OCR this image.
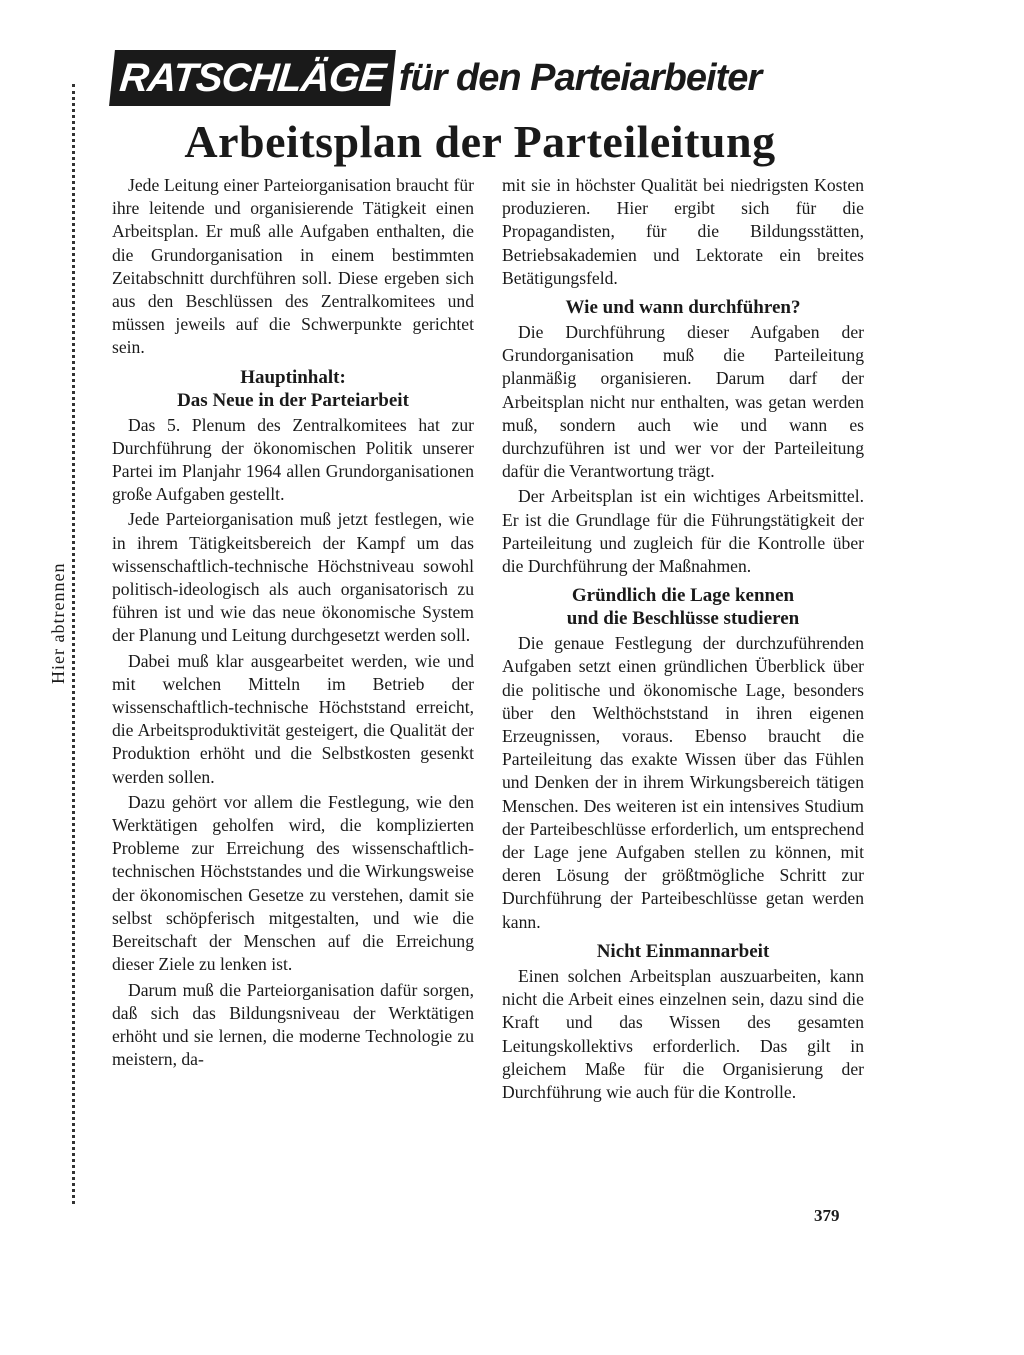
Hier abtrennen
RATSCHLÄGE für den Parteiarbeiter
Arbeitsplan der Parteileitung

Jede Leitung einer Parteiorganisation braucht für ihre leitende und organisierende Tätigkeit einen Arbeitsplan. Er muß alle Aufgaben enthalten, die die Grundorganisation in einem bestimmten Zeitabschnitt durchführen soll. Diese ergeben sich aus den Beschlüssen des Zentralkomitees und müssen jeweils auf die Schwerpunkte gerichtet sein.

Hauptinhalt:
Das Neue in der Parteiarbeit

Das 5. Plenum des Zentralkomitees hat zur Durchführung der ökonomischen Politik unserer Partei im Planjahr 1964 allen Grundorganisationen große Aufgaben gestellt.

Jede Parteiorganisation muß jetzt festlegen, wie in ihrem Tätigkeitsbereich der Kampf um das wissenschaftlich-technische Höchstniveau sowohl politisch-ideologisch als auch organisatorisch zu führen ist und wie das neue ökonomische System der Planung und Leitung durchgesetzt werden soll.

Dabei muß klar ausgearbeitet werden, wie und mit welchen Mitteln im Betrieb der wissenschaftlich-technische Höchststand erreicht, die Arbeitsproduktivität gesteigert, die Qualität der Produktion erhöht und die Selbstkosten gesenkt werden sollen.

Dazu gehört vor allem die Festlegung, wie den Werktätigen geholfen wird, die komplizierten Probleme zur Erreichung des wissenschaftlich-technischen Höchststandes und die Wirkungsweise der ökonomischen Gesetze zu verstehen, damit sie selbst schöpferisch mitgestalten, und wie die Bereitschaft der Menschen auf die Erreichung dieser Ziele zu lenken ist.

Darum muß die Parteiorganisation dafür sorgen, daß sich das Bildungsniveau der Werktätigen erhöht und sie lernen, die moderne Technologie zu meistern, da-

mit sie in höchster Qualität bei niedrigsten Kosten produzieren. Hier ergibt sich für die Propagandisten, für die Bildungsstätten, Betriebsakademien und Lektorate ein breites Betätigungsfeld.

Wie und wann durchführen?

Die Durchführung dieser Aufgaben der Grundorganisation muß die Parteileitung planmäßig organisieren. Darum darf der Arbeitsplan nicht nur enthalten, was getan werden muß, sondern auch wie und wann es durchzuführen ist und wer vor der Parteileitung dafür die Verantwortung trägt.

Der Arbeitsplan ist ein wichtiges Arbeitsmittel. Er ist die Grundlage für die Führungstätigkeit der Parteileitung und zugleich für die Kontrolle über die Durchführung der Maßnahmen.

Gründlich die Lage kennen
und die Beschlüsse studieren

Die genaue Festlegung der durchzuführenden Aufgaben setzt einen gründlichen Überblick über die politische und ökonomische Lage, besonders über den Welthöchststand in ihren eigenen Erzeugnissen, voraus. Ebenso braucht die Parteileitung das exakte Wissen über das Fühlen und Denken der in ihrem Wirkungsbereich tätigen Menschen. Des weiteren ist ein intensives Studium der Parteibeschlüsse erforderlich, um entsprechend der Lage jene Aufgaben stellen zu können, mit deren Lösung der größtmögliche Schritt zur Durchführung der Parteibeschlüsse getan werden kann.

Nicht Einmannarbeit

Einen solchen Arbeitsplan auszuarbeiten, kann nicht die Arbeit eines einzelnen sein, dazu sind die Kraft und das Wissen des gesamten Leitungskollektivs erforderlich. Das gilt in gleichem Maße für die Organisierung der Durchführung wie auch für die Kontrolle.

379
